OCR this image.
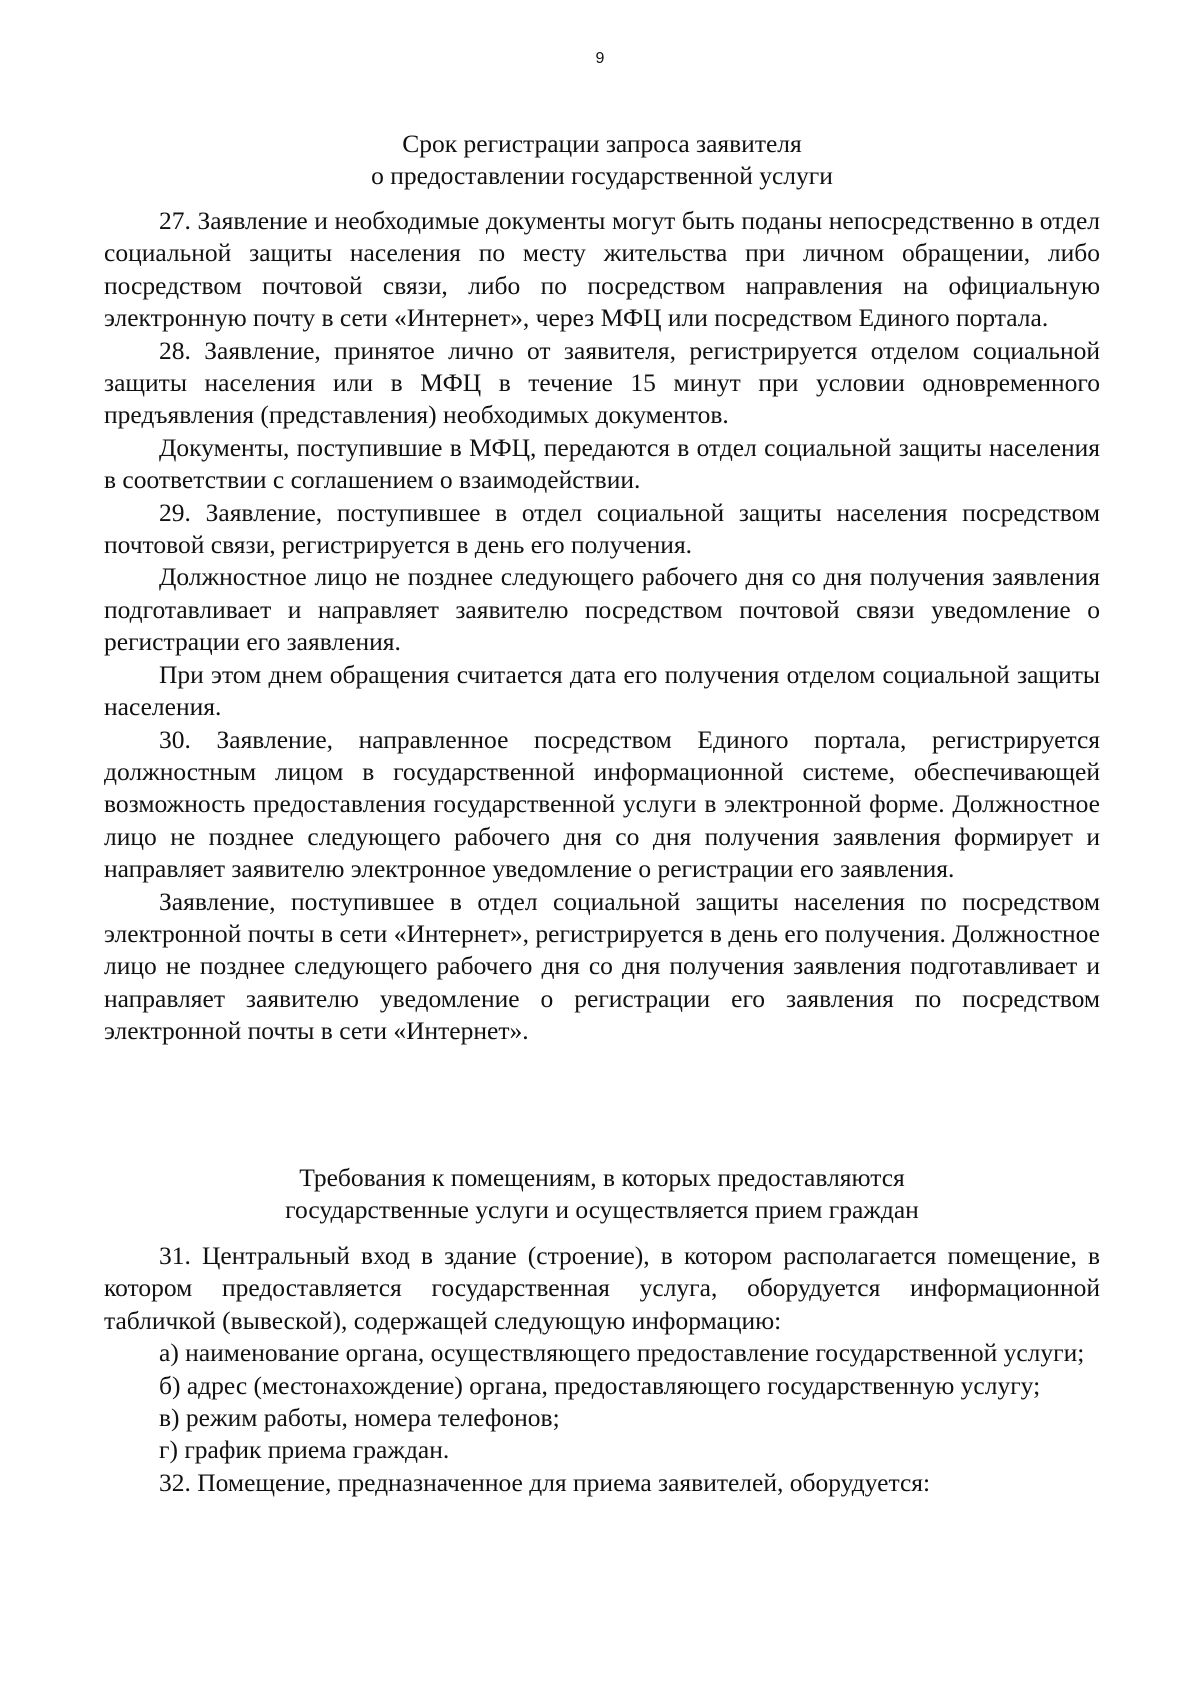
9
Срок регистрации запроса заявителя
о предоставлении государственной услуги

27. Заявление и необходимые документы могут быть поданы непосредственно в отдел социальной защиты населения по месту жительства при личном обращении, либо посредством почтовой связи, либо по посредством направления на официальную электронную почту в сети «Интернет», через МФЦ или посредством Единого портала.

28. Заявление, принятое лично от заявителя, регистрируется отделом социальной защиты населения или в МФЦ в течение 15 минут при условии одновременного предъявления (представления) необходимых документов.

Документы, поступившие в МФЦ, передаются в отдел социальной защиты населения в соответствии с соглашением о взаимодействии.

29. Заявление, поступившее в отдел социальной защиты населения посредством почтовой связи, регистрируется в день его получения.

Должностное лицо не позднее следующего рабочего дня со дня получения заявления подготавливает и направляет заявителю посредством почтовой связи уведомление о регистрации его заявления.

При этом днем обращения считается дата его получения отделом социальной защиты населения.

30. Заявление, направленное посредством Единого портала, регистрируется должностным лицом в государственной информационной системе, обеспечивающей возможность предоставления государственной услуги в электронной форме. Должностное лицо не позднее следующего рабочего дня со дня получения заявления формирует и направляет заявителю электронное уведомление о регистрации его заявления.

Заявление, поступившее в отдел социальной защиты населения по посредством электронной почты в сети «Интернет», регистрируется в день его получения. Должностное лицо не позднее следующего рабочего дня со дня получения заявления подготавливает и направляет заявителю уведомление о регистрации его заявления по посредством электронной почты в сети «Интернет».

Требования к помещениям, в которых предоставляются
государственные услуги и осуществляется прием граждан

31. Центральный вход в здание (строение), в котором располагается помещение, в котором предоставляется государственная услуга, оборудуется информационной табличкой (вывеской), содержащей следующую информацию:

а) наименование органа, осуществляющего предоставление государственной услуги;

б) адрес (местонахождение) органа, предоставляющего государственную услугу;

в) режим работы, номера телефонов;

г) график приема граждан.

32. Помещение, предназначенное для приема заявителей, оборудуется:
